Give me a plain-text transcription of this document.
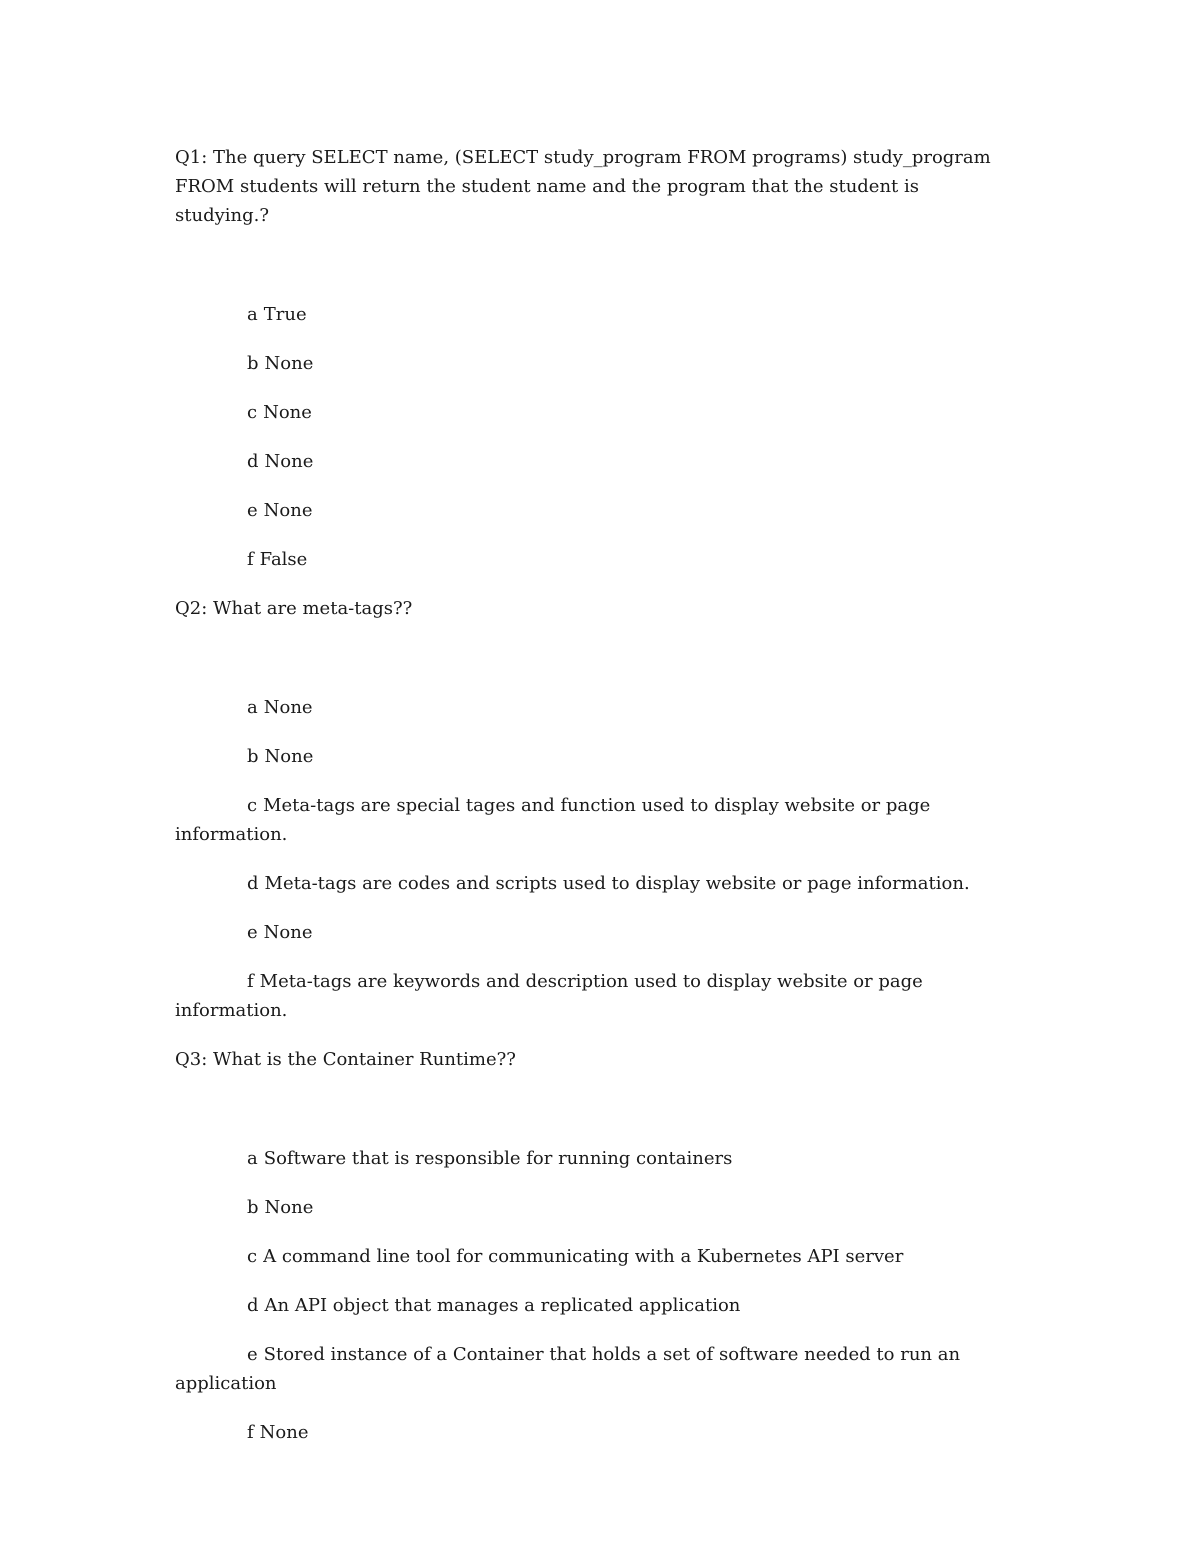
Q1: The query SELECT name, (SELECT study_program FROM programs) study_program FROM students will return the student name and the program that the student is studying.?

a True

b None

c None

d None

e None

f False

Q2: What are meta-tags??

a None

b None

c Meta-tags are special tages and function used to display website or page information.

d Meta-tags are codes and scripts used to display website or page information.

e None

f Meta-tags are keywords and description used to display website or page information.

Q3: What is the Container Runtime??

a Software that is responsible for running containers

b None

c A command line tool for communicating with a Kubernetes API server

d An API object that manages a replicated application

e Stored instance of a Container that holds a set of software needed to run an application

f None
